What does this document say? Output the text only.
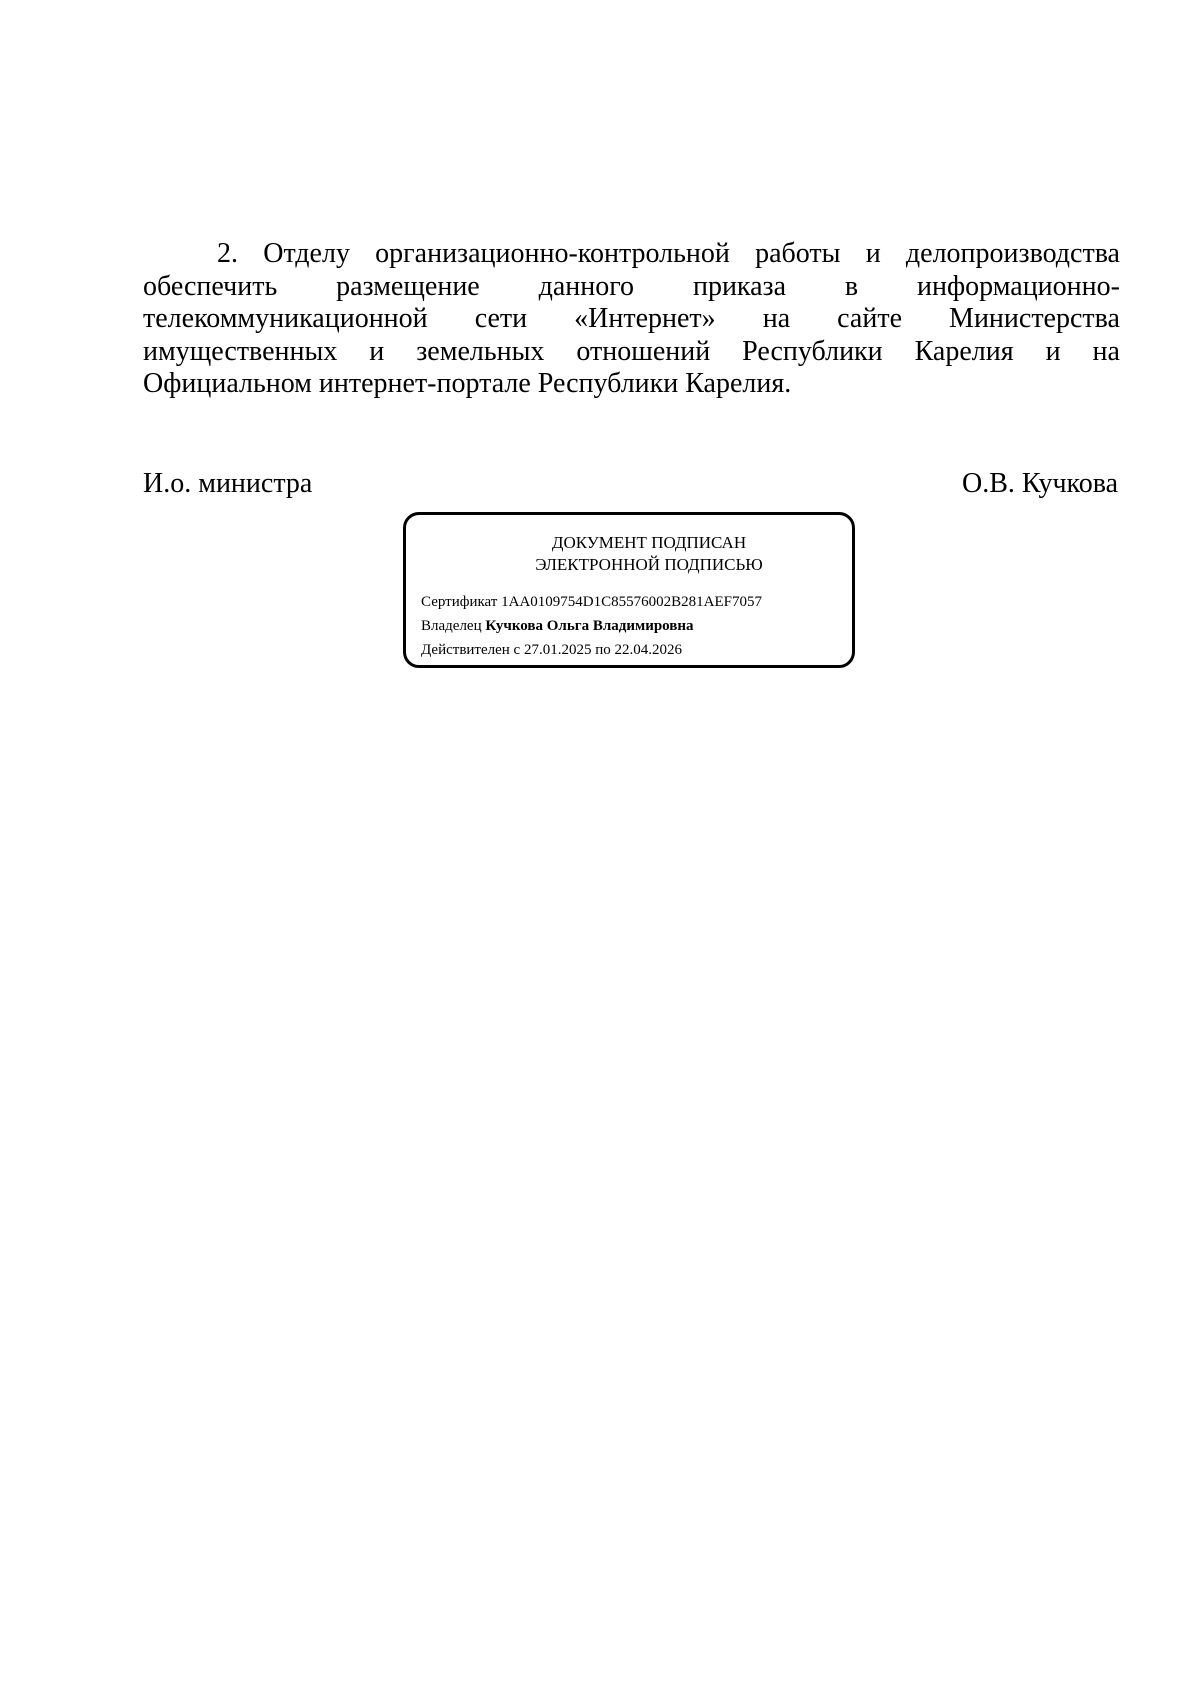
2. Отделу организационно-контрольной работы и делопроизводства
обеспечить размещение данного приказа в информационно-
телекоммуникационной сети «Интернет» на сайте Министерства
имущественных и земельных отношений Республики Карелия и на
Официальном интернет-портале Республики Карелия.
И.о. министра	О.В. Кучкова
ДОКУМЕНТ ПОДПИСАН
ЭЛЕКТРОННОЙ ПОДПИСЬЮ
Сертификат 1AA0109754D1C85576002B281AEF7057
Владелец Кучкова Ольга Владимировна
Действителен с 27.01.2025 по 22.04.2026
